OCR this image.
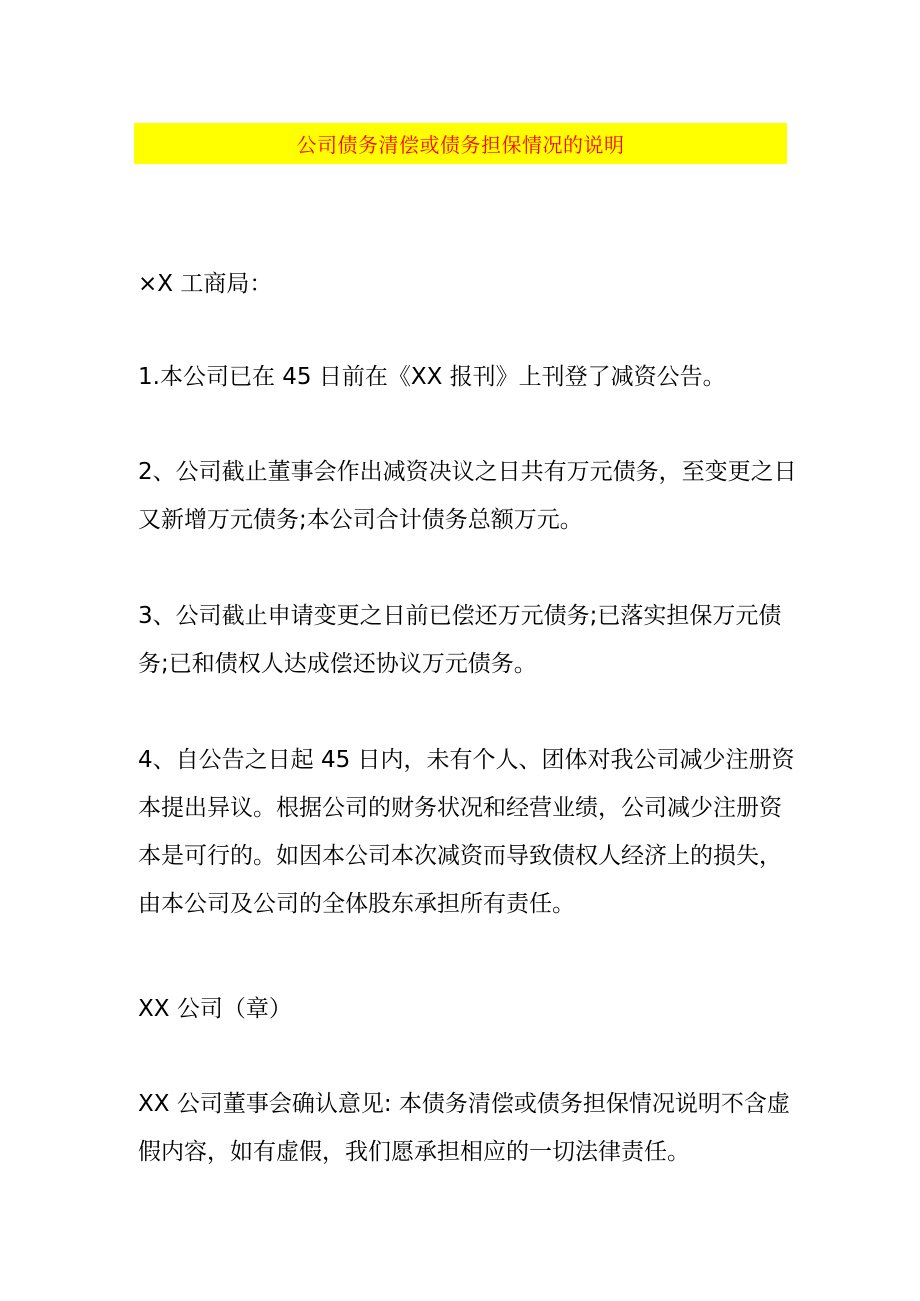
公司债务清偿或债务担保情况的说明

×X 工商局：

1.本公司已在 45 日前在《XX 报刊》上刊登了减资公告。

2、公司截止董事会作出减资决议之日共有万元债务，至变更之日又新增万元债务;本公司合计债务总额万元。

3、公司截止申请变更之日前已偿还万元债务;已落实担保万元债务;已和债权人达成偿还协议万元债务。

4、自公告之日起 45 日内，未有个人、团体对我公司减少注册资本提出异议。根据公司的财务状况和经营业绩，公司减少注册资本是可行的。如因本公司本次减资而导致债权人经济上的损失，由本公司及公司的全体股东承担所有责任。

XX 公司（章）

XX 公司董事会确认意见: 本债务清偿或债务担保情况说明不含虚假内容，如有虚假，我们愿承担相应的一切法律责任。
